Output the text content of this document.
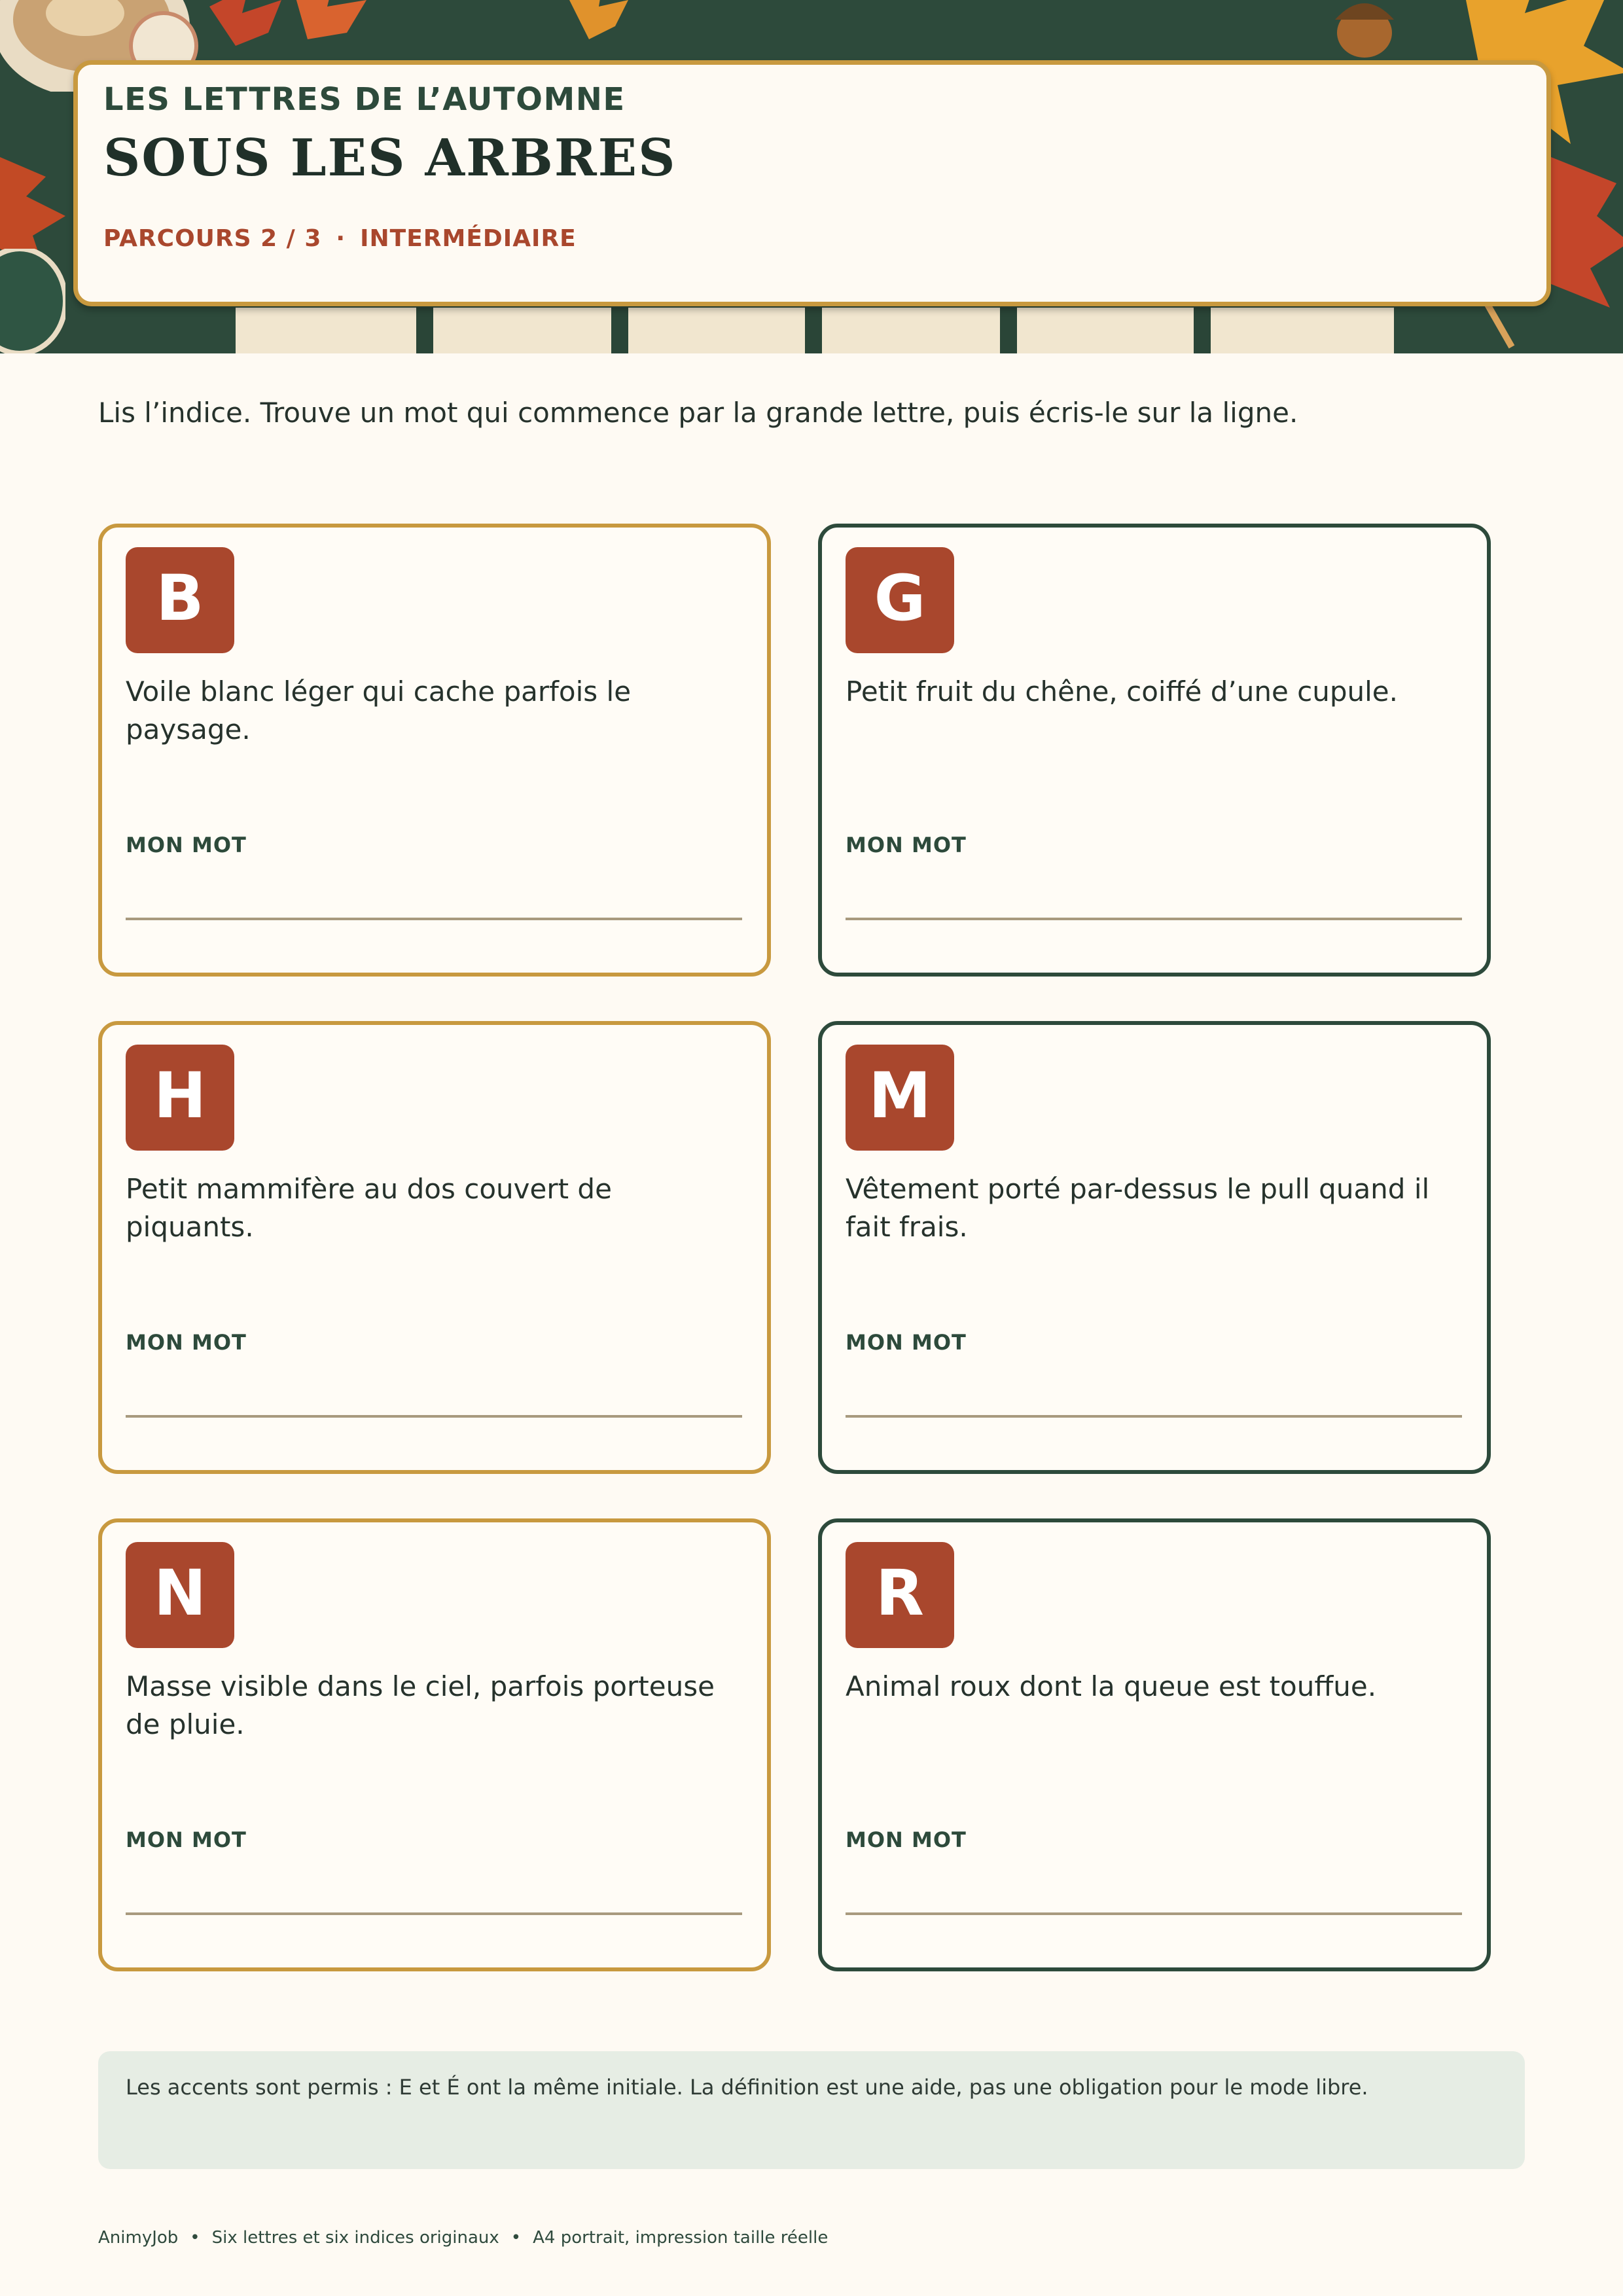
LES LETTRES DE L’AUTOMNE
SOUS LES ARBRES
PARCOURS 2 / 3 · INTERMÉDIAIRE
Lis l’indice. Trouve un mot qui commence par la grande lettre, puis écris-le sur la ligne.
B
Voile blanc léger qui cache parfois le paysage.
MON MOT
G
Petit fruit du chêne, coiffé d’une cupule.
MON MOT
H
Petit mammifère au dos couvert de piquants.
MON MOT
M
Vêtement porté par-dessus le pull quand il fait frais.
MON MOT
N
Masse visible dans le ciel, parfois porteuse de pluie.
MON MOT
R
Animal roux dont la queue est touffue.
MON MOT
Les accents sont permis : E et É ont la même initiale. La définition est une aide, pas une obligation pour le mode libre.
AnimyJob • Six lettres et six indices originaux • A4 portrait, impression taille réelle
